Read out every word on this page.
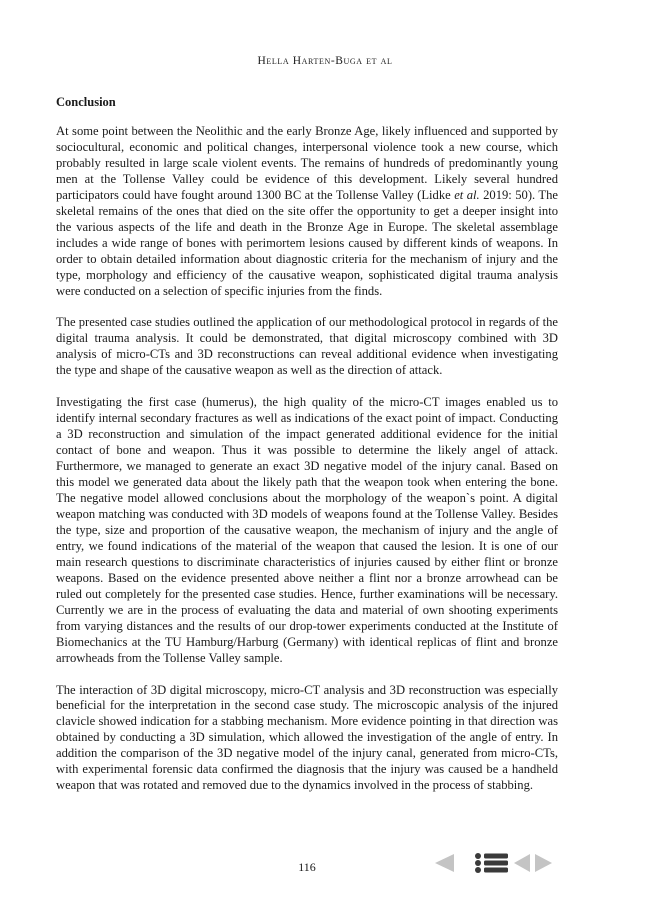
Hella Harten-Buga et al
Conclusion

At some point between the Neolithic and the early Bronze Age, likely influenced and supported by sociocultural, economic and political changes, interpersonal violence took a new course, which probably resulted in large scale violent events. The remains of hundreds of predominantly young men at the Tollense Valley could be evidence of this development. Likely several hundred participators could have fought around 1300 BC at the Tollense Valley (Lidke et al. 2019: 50). The skeletal remains of the ones that died on the site offer the opportunity to get a deeper insight into the various aspects of the life and death in the Bronze Age in Europe. The skeletal assemblage includes a wide range of bones with perimortem lesions caused by different kinds of weapons. In order to obtain detailed information about diagnostic criteria for the mechanism of injury and the type, morphology and efficiency of the causative weapon, sophisticated digital trauma analysis were conducted on a selection of specific injuries from the finds.

The presented case studies outlined the application of our methodological protocol in regards of the digital trauma analysis. It could be demonstrated, that digital microscopy combined with 3D analysis of micro-CTs and 3D reconstructions can reveal additional evidence when investigating the type and shape of the causative weapon as well as the direction of attack.

Investigating the first case (humerus), the high quality of the micro-CT images enabled us to identify internal secondary fractures as well as indications of the exact point of impact. Conducting a 3D reconstruction and simulation of the impact generated additional evidence for the initial contact of bone and weapon. Thus it was possible to determine the likely angel of attack. Furthermore, we managed to generate an exact 3D negative model of the injury canal. Based on this model we generated data about the likely path that the weapon took when entering the bone. The negative model allowed conclusions about the morphology of the weapon`s point. A digital weapon matching was conducted with 3D models of weapons found at the Tollense Valley. Besides the type, size and proportion of the causative weapon, the mechanism of injury and the angle of entry, we found indications of the material of the weapon that caused the lesion. It is one of our main research questions to discriminate characteristics of injuries caused by either flint or bronze weapons. Based on the evidence presented above neither a flint nor a bronze arrowhead can be ruled out completely for the presented case studies. Hence, further examinations will be necessary. Currently we are in the process of evaluating the data and material of own shooting experiments from varying distances and the results of our drop-tower experiments conducted at the Institute of Biomechanics at the TU Hamburg/Harburg (Germany) with identical replicas of flint and bronze arrowheads from the Tollense Valley sample.

The interaction of 3D digital microscopy, micro-CT analysis and 3D reconstruction was especially beneficial for the interpretation in the second case study. The microscopic analysis of the injured clavicle showed indication for a stabbing mechanism. More evidence pointing in that direction was obtained by conducting a 3D simulation, which allowed the investigation of the angle of entry. In addition the comparison of the 3D negative model of the injury canal, generated from micro-CTs, with experimental forensic data confirmed the diagnosis that the injury was caused be a handheld weapon that was rotated and removed due to the dynamics involved in the process of stabbing.

116
